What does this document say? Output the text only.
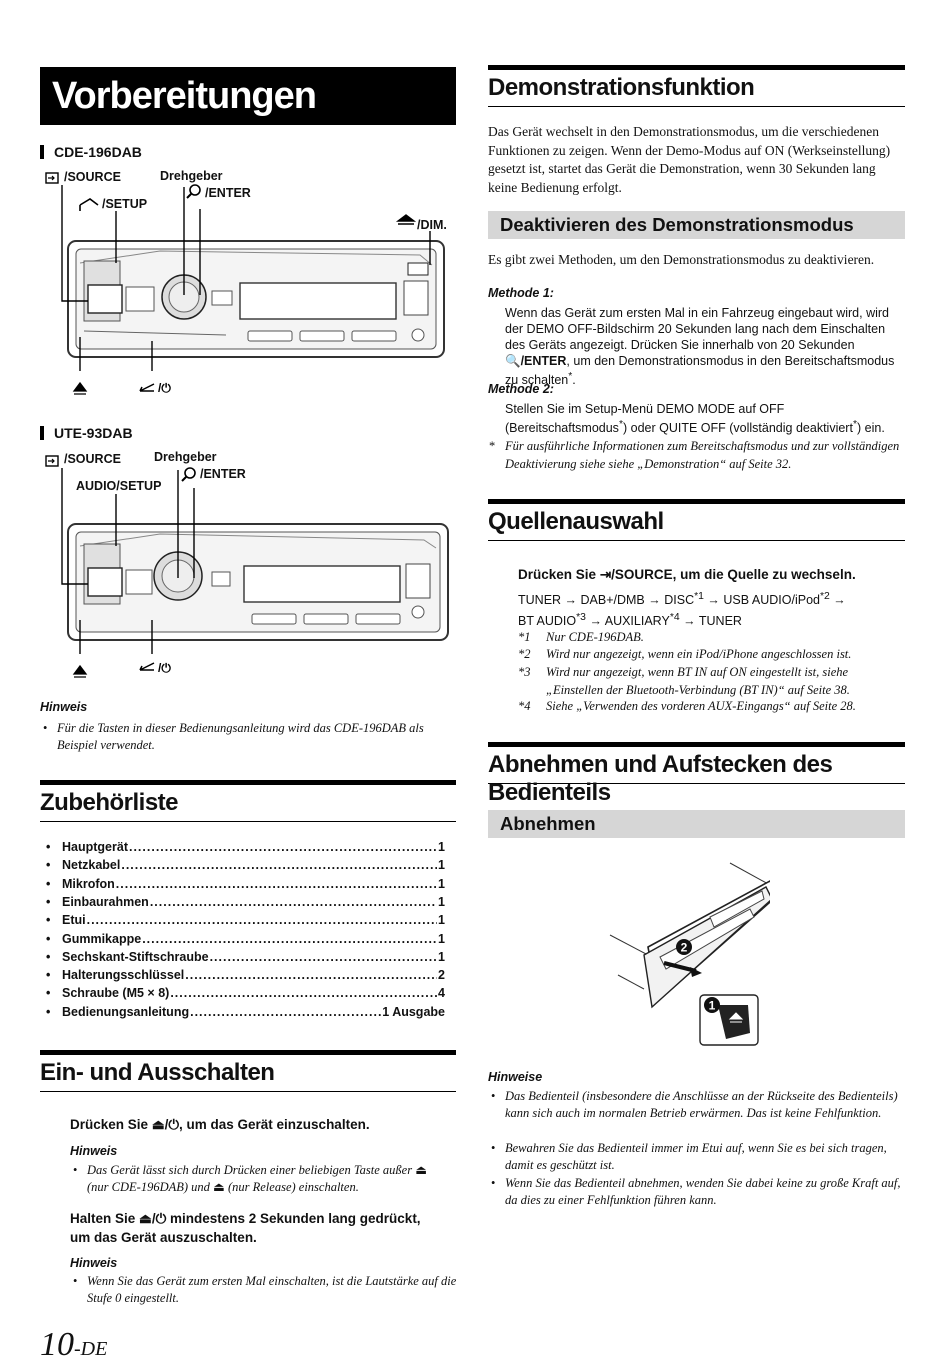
Vorbereitungen
CDE-196DAB
/⏻
/SOURCE
/SETUP
Drehgeber
/ENTER
/DIM.
UTE-93DAB
/⏻
/SOURCE
AUDIO/SETUP
Drehgeber
/ENTER
Hinweis
• Für die Tasten in dieser Bedienungsanleitung wird das CDE-196DAB als Beispiel verwendet.
Zubehörliste
• Hauptgerät .....	1
• Netzkabel .....	1
• Mikrofon .....	1
• Einbaurahmen .....	1
• Etui .....	1
• Gummikappe .....	1
• Sechskant-Stiftschraube .....	1
• Halterungsschlüssel .....	2
• Schraube (M5 × 8) .....	4
• Bedienungsanleitung .....	1 Ausgabe
Ein- und Ausschalten
Drücken Sie ⏏︎/⏻, um das Gerät einzuschalten.
Hinweis
• Das Gerät lässt sich durch Drücken einer beliebigen Taste außer ⏏
(nur CDE-196DAB) und ⏏ (nur Release) einschalten.
Halten Sie ⏏︎/⏻ mindestens 2 Sekunden lang gedrückt,
um das Gerät auszuschalten.
Hinweis
• Wenn Sie das Gerät zum ersten Mal einschalten, ist die Lautstärke auf die Stufe 0 eingestellt.
10-DE
Demonstrationsfunktion
Das Gerät wechselt in den Demonstrationsmodus, um die verschiedenen Funktionen zu zeigen. Wenn der Demo-Modus auf ON (Werkseinstellung) gesetzt ist, startet das Gerät die Demonstration, wenn 30 Sekunden lang keine Bedienung erfolgt.
Deaktivieren des Demonstrationsmodus
Es gibt zwei Methoden, um den Demonstrationsmodus zu deaktivieren.
Methode 1:
Wenn das Gerät zum ersten Mal in ein Fahrzeug eingebaut wird, wird der DEMO OFF-Bildschirm 20 Sekunden lang nach dem Einschalten des Geräts angezeigt. Drücken Sie innerhalb von 20 Sekunden 🔍/ENTER, um den Demonstrationsmodus in den Bereitschaftsmodus zu schalten*.
Methode 2:
Stellen Sie im Setup-Menü DEMO MODE auf OFF (Bereitschaftsmodus*) oder QUITE OFF (vollständig deaktiviert*) ein.
* Für ausführliche Informationen zum Bereitschaftsmodus und zur vollständigen Deaktivierung siehe siehe „Demonstration“ auf Seite 32.
Quellenauswahl
Drücken Sie ⇥/SOURCE, um die Quelle zu wechseln.
TUNER → $DAB+/DMB \to DISC^{*1}$ → USB AUDIO/iPod$^{*2}$ →
BT $AUDIO^{*3}$ → $AUXILIARY^{*4}$ → TUNER
*1 Nur CDE-196DAB.
*2 Wird nur angezeigt, wenn ein iPod/iPhone angeschlossen ist.
*3 Wird nur angezeigt, wenn BT IN auf ON eingestellt ist, siehe „Einstellen der Bluetooth-Verbindung (BT IN)“ auf Seite 38.
*4 Siehe „Verwenden des vorderen AUX-Eingangs“ auf Seite 28.
Abnehmen und Aufstecken des Bedienteils
Abnehmen
2
1
Hinweise
• Das Bedienteil (insbesondere die Anschlüsse an der Rückseite des Bedienteils) kann sich auch im normalen Betrieb erwärmen. Das ist keine Fehlfunktion.
• Bewahren Sie das Bedienteil immer im Etui auf, wenn Sie es bei sich tragen, damit es geschützt ist.
• Wenn Sie das Bedienteil abnehmen, wenden Sie dabei keine zu große Kraft auf, da dies zu einer Fehlfunktion führen kann.
